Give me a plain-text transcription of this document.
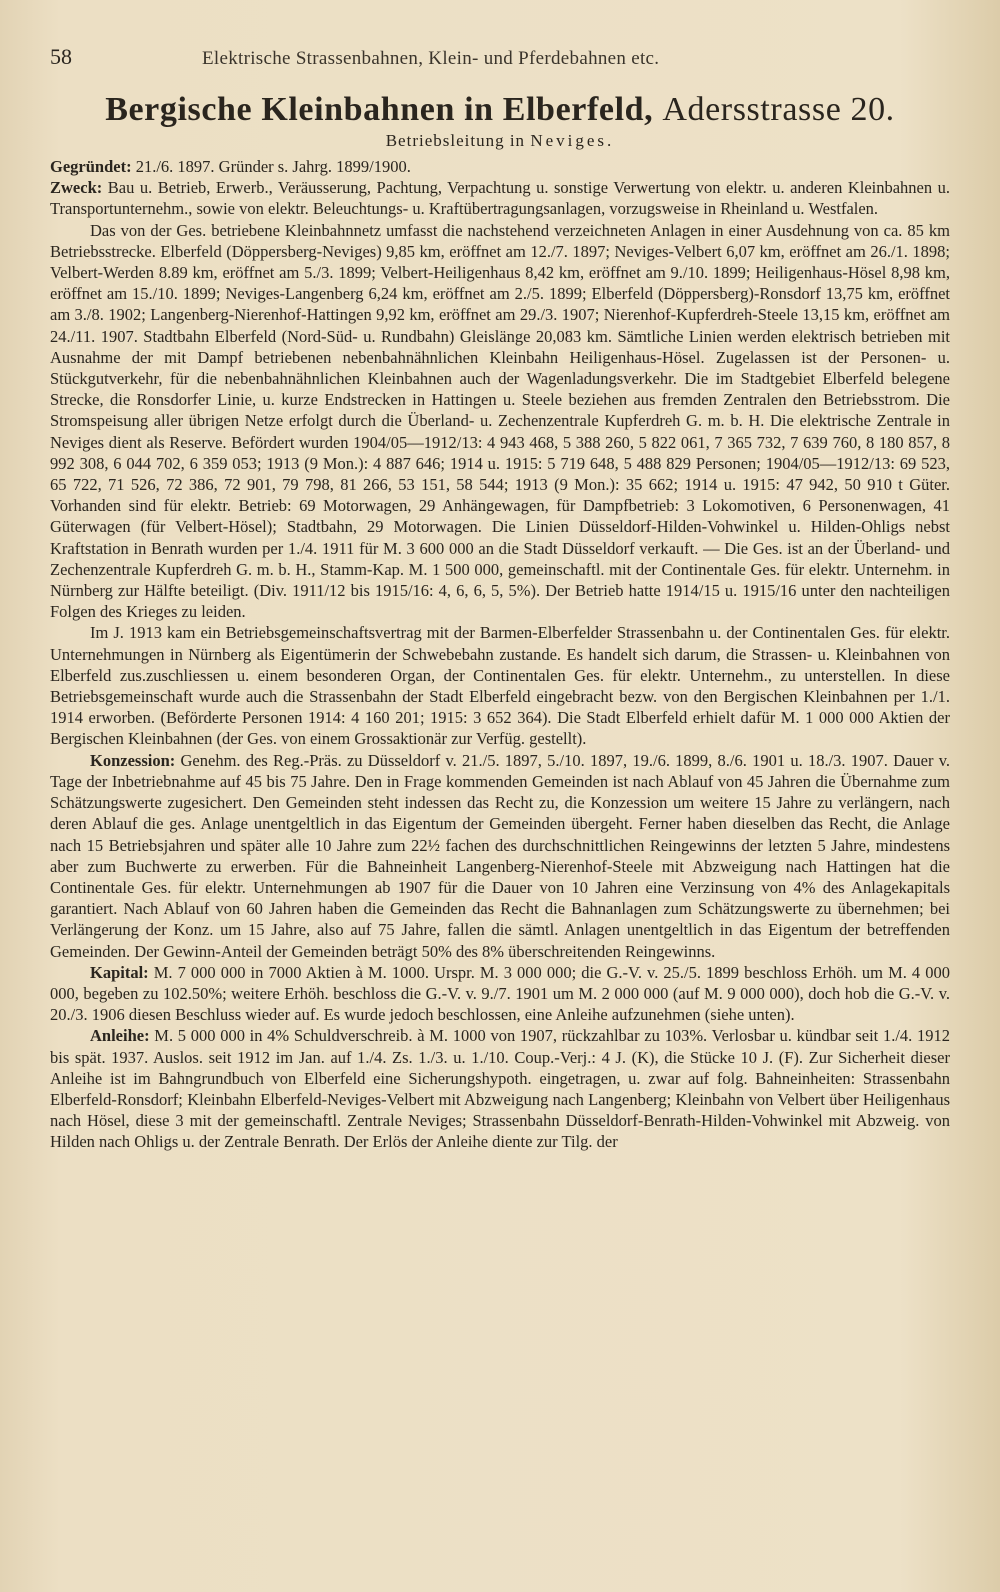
58	Elektrische Strassenbahnen, Klein- und Pferdebahnen etc.
Bergische Kleinbahnen in Elberfeld, Adersstrasse 20.
Betriebsleitung in Neviges.

Gegründet: 21./6. 1897. Gründer s. Jahrg. 1899/1900.

Zweck: Bau u. Betrieb, Erwerb., Veräusserung, Pachtung, Verpachtung u. sonstige Verwertung von elektr. u. anderen Kleinbahnen u. Transportunternehm., sowie von elektr. Beleuchtungs- u. Kraftübertragungsanlagen, vorzugsweise in Rheinland u. Westfalen.

Das von der Ges. betriebene Kleinbahnnetz umfasst die nachstehend verzeichneten Anlagen in einer Ausdehnung von ca. 85 km Betriebsstrecke. Elberfeld (Döppersberg-Neviges) 9,85 km, eröffnet am 12./7. 1897; Neviges-Velbert 6,07 km, eröffnet am 26./1. 1898; Velbert-Werden 8.89 km, eröffnet am 5./3. 1899; Velbert-Heiligenhaus 8,42 km, eröffnet am 9./10. 1899; Heiligenhaus-Hösel 8,98 km, eröffnet am 15./10. 1899; Neviges-Langenberg 6,24 km, eröffnet am 2./5. 1899; Elberfeld (Döppersberg)-Ronsdorf 13,75 km, eröffnet am 3./8. 1902; Langenberg-Nierenhof-Hattingen 9,92 km, eröffnet am 29./3. 1907; Nierenhof-Kupferdreh-Steele 13,15 km, eröffnet am 24./11. 1907. Stadtbahn Elberfeld (Nord-Süd- u. Rundbahn) Gleislänge 20,083 km. Sämtliche Linien werden elektrisch betrieben mit Ausnahme der mit Dampf betriebenen nebenbahnähnlichen Kleinbahn Heiligenhaus-Hösel. Zugelassen ist der Personen- u. Stückgutverkehr, für die nebenbahnähnlichen Kleinbahnen auch der Wagenladungsverkehr. Die im Stadtgebiet Elberfeld belegene Strecke, die Ronsdorfer Linie, u. kurze Endstrecken in Hattingen u. Steele beziehen aus fremden Zentralen den Betriebsstrom. Die Stromspeisung aller übrigen Netze erfolgt durch die Überland- u. Zechenzentrale Kupferdreh G. m. b. H. Die elektrische Zentrale in Neviges dient als Reserve. Befördert wurden 1904/05—1912/13: 4 943 468, 5 388 260, 5 822 061, 7 365 732, 7 639 760, 8 180 857, 8 992 308, 6 044 702, 6 359 053; 1913 (9 Mon.): 4 887 646; 1914 u. 1915: 5 719 648, 5 488 829 Personen; 1904/05—1912/13: 69 523, 65 722, 71 526, 72 386, 72 901, 79 798, 81 266, 53 151, 58 544; 1913 (9 Mon.): 35 662; 1914 u. 1915: 47 942, 50 910 t Güter. Vorhanden sind für elektr. Betrieb: 69 Motorwagen, 29 Anhängewagen, für Dampfbetrieb: 3 Lokomotiven, 6 Personenwagen, 41 Güterwagen (für Velbert-Hösel); Stadtbahn, 29 Motorwagen. Die Linien Düsseldorf-Hilden-Vohwinkel u. Hilden-Ohligs nebst Kraftstation in Benrath wurden per 1./4. 1911 für M. 3 600 000 an die Stadt Düsseldorf verkauft. — Die Ges. ist an der Überland- und Zechenzentrale Kupferdreh G. m. b. H., Stamm-Kap. M. 1 500 000, gemeinschaftl. mit der Continentale Ges. für elektr. Unternehm. in Nürnberg zur Hälfte beteiligt. (Div. 1911/12 bis 1915/16: 4, 6, 6, 5, 5%). Der Betrieb hatte 1914/15 u. 1915/16 unter den nachteiligen Folgen des Krieges zu leiden.

Im J. 1913 kam ein Betriebsgemeinschaftsvertrag mit der Barmen-Elberfelder Strassenbahn u. der Continentalen Ges. für elektr. Unternehmungen in Nürnberg als Eigentümerin der Schwebebahn zustande. Es handelt sich darum, die Strassen- u. Kleinbahnen von Elberfeld zus.zuschliessen u. einem besonderen Organ, der Continentalen Ges. für elektr. Unternehm., zu unterstellen. In diese Betriebsgemeinschaft wurde auch die Strassenbahn der Stadt Elberfeld eingebracht bezw. von den Bergischen Kleinbahnen per 1./1. 1914 erworben. (Beförderte Personen 1914: 4 160 201; 1915: 3 652 364). Die Stadt Elberfeld erhielt dafür M. 1 000 000 Aktien der Bergischen Kleinbahnen (der Ges. von einem Grossaktionär zur Verfüg. gestellt).

Konzession: Genehm. des Reg.-Präs. zu Düsseldorf v. 21./5. 1897, 5./10. 1897, 19./6. 1899, 8./6. 1901 u. 18./3. 1907. Dauer v. Tage der Inbetriebnahme auf 45 bis 75 Jahre. Den in Frage kommenden Gemeinden ist nach Ablauf von 45 Jahren die Übernahme zum Schätzungswerte zugesichert. Den Gemeinden steht indessen das Recht zu, die Konzession um weitere 15 Jahre zu verlängern, nach deren Ablauf die ges. Anlage unentgeltlich in das Eigentum der Gemeinden übergeht. Ferner haben dieselben das Recht, die Anlage nach 15 Betriebsjahren und später alle 10 Jahre zum 22½ fachen des durchschnittlichen Reingewinns der letzten 5 Jahre, mindestens aber zum Buchwerte zu erwerben. Für die Bahneinheit Langenberg-Nierenhof-Steele mit Abzweigung nach Hattingen hat die Continentale Ges. für elektr. Unternehmungen ab 1907 für die Dauer von 10 Jahren eine Verzinsung von 4% des Anlagekapitals garantiert. Nach Ablauf von 60 Jahren haben die Gemeinden das Recht die Bahnanlagen zum Schätzungswerte zu übernehmen; bei Verlängerung der Konz. um 15 Jahre, also auf 75 Jahre, fallen die sämtl. Anlagen unentgeltlich in das Eigentum der betreffenden Gemeinden. Der Gewinn-Anteil der Gemeinden beträgt 50% des 8% überschreitenden Reingewinns.

Kapital: M. 7 000 000 in 7000 Aktien à M. 1000. Urspr. M. 3 000 000; die G.-V. v. 25./5. 1899 beschloss Erhöh. um M. 4 000 000, begeben zu 102.50%; weitere Erhöh. beschloss die G.-V. v. 9./7. 1901 um M. 2 000 000 (auf M. 9 000 000), doch hob die G.-V. v. 20./3. 1906 diesen Beschluss wieder auf. Es wurde jedoch beschlossen, eine Anleihe aufzunehmen (siehe unten).

Anleihe: M. 5 000 000 in 4% Schuldverschreib. à M. 1000 von 1907, rückzahlbar zu 103%. Verlosbar u. kündbar seit 1./4. 1912 bis spät. 1937. Auslos. seit 1912 im Jan. auf 1./4. Zs. 1./3. u. 1./10. Coup.-Verj.: 4 J. (K), die Stücke 10 J. (F). Zur Sicherheit dieser Anleihe ist im Bahngrundbuch von Elberfeld eine Sicherungshypoth. eingetragen, u. zwar auf folg. Bahneinheiten: Strassenbahn Elberfeld-Ronsdorf; Kleinbahn Elberfeld-Neviges-Velbert mit Abzweigung nach Langenberg; Kleinbahn von Velbert über Heiligenhaus nach Hösel, diese 3 mit der gemeinschaftl. Zentrale Neviges; Strassenbahn Düsseldorf-Benrath-Hilden-Vohwinkel mit Abzweig. von Hilden nach Ohligs u. der Zentrale Benrath. Der Erlös der Anleihe diente zur Tilg. der
